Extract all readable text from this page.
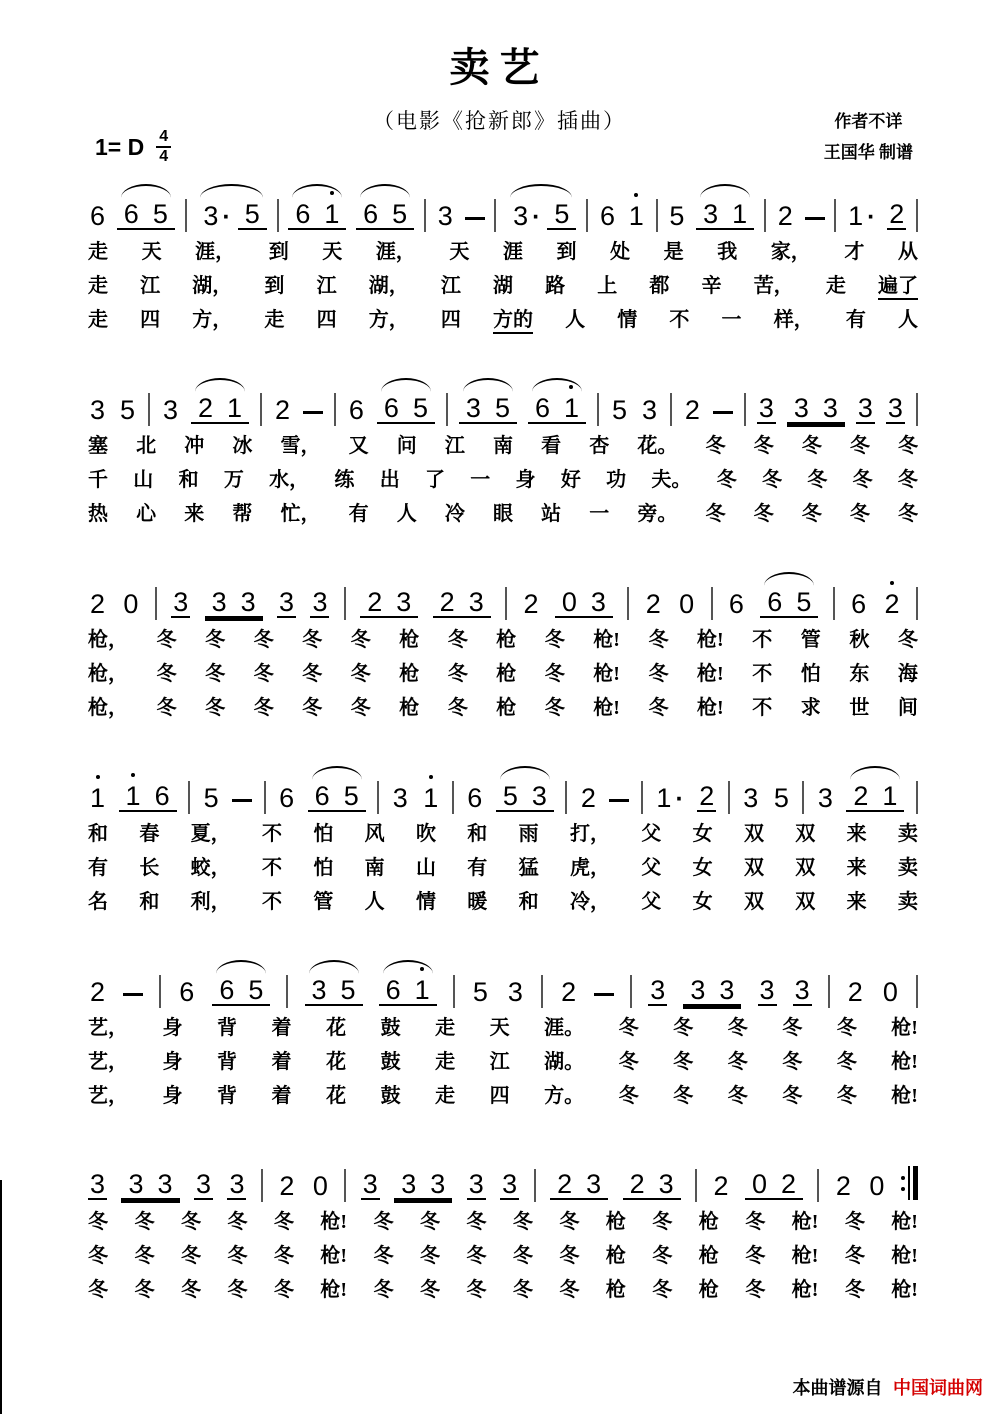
卖艺
（电影《抢新郎》插曲）	作者不详
王国华 制谱
1= D $\frac{4}{4}$
6 6 5 3 · 5 6 1 6 5 3 3 · 5 6 1 5 3 1 2 1 · 2
走 天 涯， 到 天 涯， 天 涯 到 处 是 我 家， 才 从
走 江 湖， 到 江 湖， 江 湖 路 上 都 辛 苦， 走 遍了
走 四 方， 走 四 方， 四 方的 人 情 不 一 样， 有 人
3 5 3 2 1 2 6 6 5 3 5 6 1 5 3 2 3 3 3 3 3
塞 北 冲 冰 雪， 又 问 江 南 看 杏 花。 冬 冬 冬 冬 冬
千 山 和 万 水， 练 出 了 一 身 好 功 夫。 冬 冬 冬 冬 冬
热 心 来 帮 忙， 有 人 冷 眼 站 一 旁。 冬 冬 冬 冬 冬
2 0 3 3 3 3 3 2 3 2 3 2 0 3 2 0 6 6 5 6 2
枪， 冬 冬 冬 冬 冬 枪 冬 枪 冬 枪! 冬 枪! 不 管 秋 冬
枪， 冬 冬 冬 冬 冬 枪 冬 枪 冬 枪! 冬 枪! 不 怕 东 海
枪， 冬 冬 冬 冬 冬 枪 冬 枪 冬 枪! 冬 枪! 不 求 世 间
1 1 6 5 6 6 5 3 1 6 5 3 2 1 · 2 3 5 3 2 1
和 春 夏， 不 怕 风 吹 和 雨 打， 父 女 双 双 来 卖
有 长 蛟， 不 怕 南 山 有 猛 虎， 父 女 双 双 来 卖
名 和 利， 不 管 人 情 暖 和 冷， 父 女 双 双 来 卖
2	6 6 5 3 5 6 1 5 3 2	3 3 3 3 3 2 0
艺， 身 背 着 花 鼓 走 天 涯。 冬 冬 冬 冬 冬 枪!
艺， 身 背 着 花 鼓 走 江 湖。 冬 冬 冬 冬 冬 枪!
艺， 身 背 着 花 鼓 走 四 方。 冬 冬 冬 冬 冬 枪!
3 3 3 3 3 2 0 3 3 3 3 3 2 3 2 3 2 0 2 2 0
冬 冬 冬 冬 冬 枪! 冬 冬 冬 冬 冬 枪 冬 枪 冬 枪! 冬 枪!
冬 冬 冬 冬 冬 枪! 冬 冬 冬 冬 冬 枪 冬 枪 冬 枪! 冬 枪!
冬 冬 冬 冬 冬 枪! 冬 冬 冬 冬 冬 枪 冬 枪 冬 枪! 冬 枪!
本曲谱源自 中国词曲网
